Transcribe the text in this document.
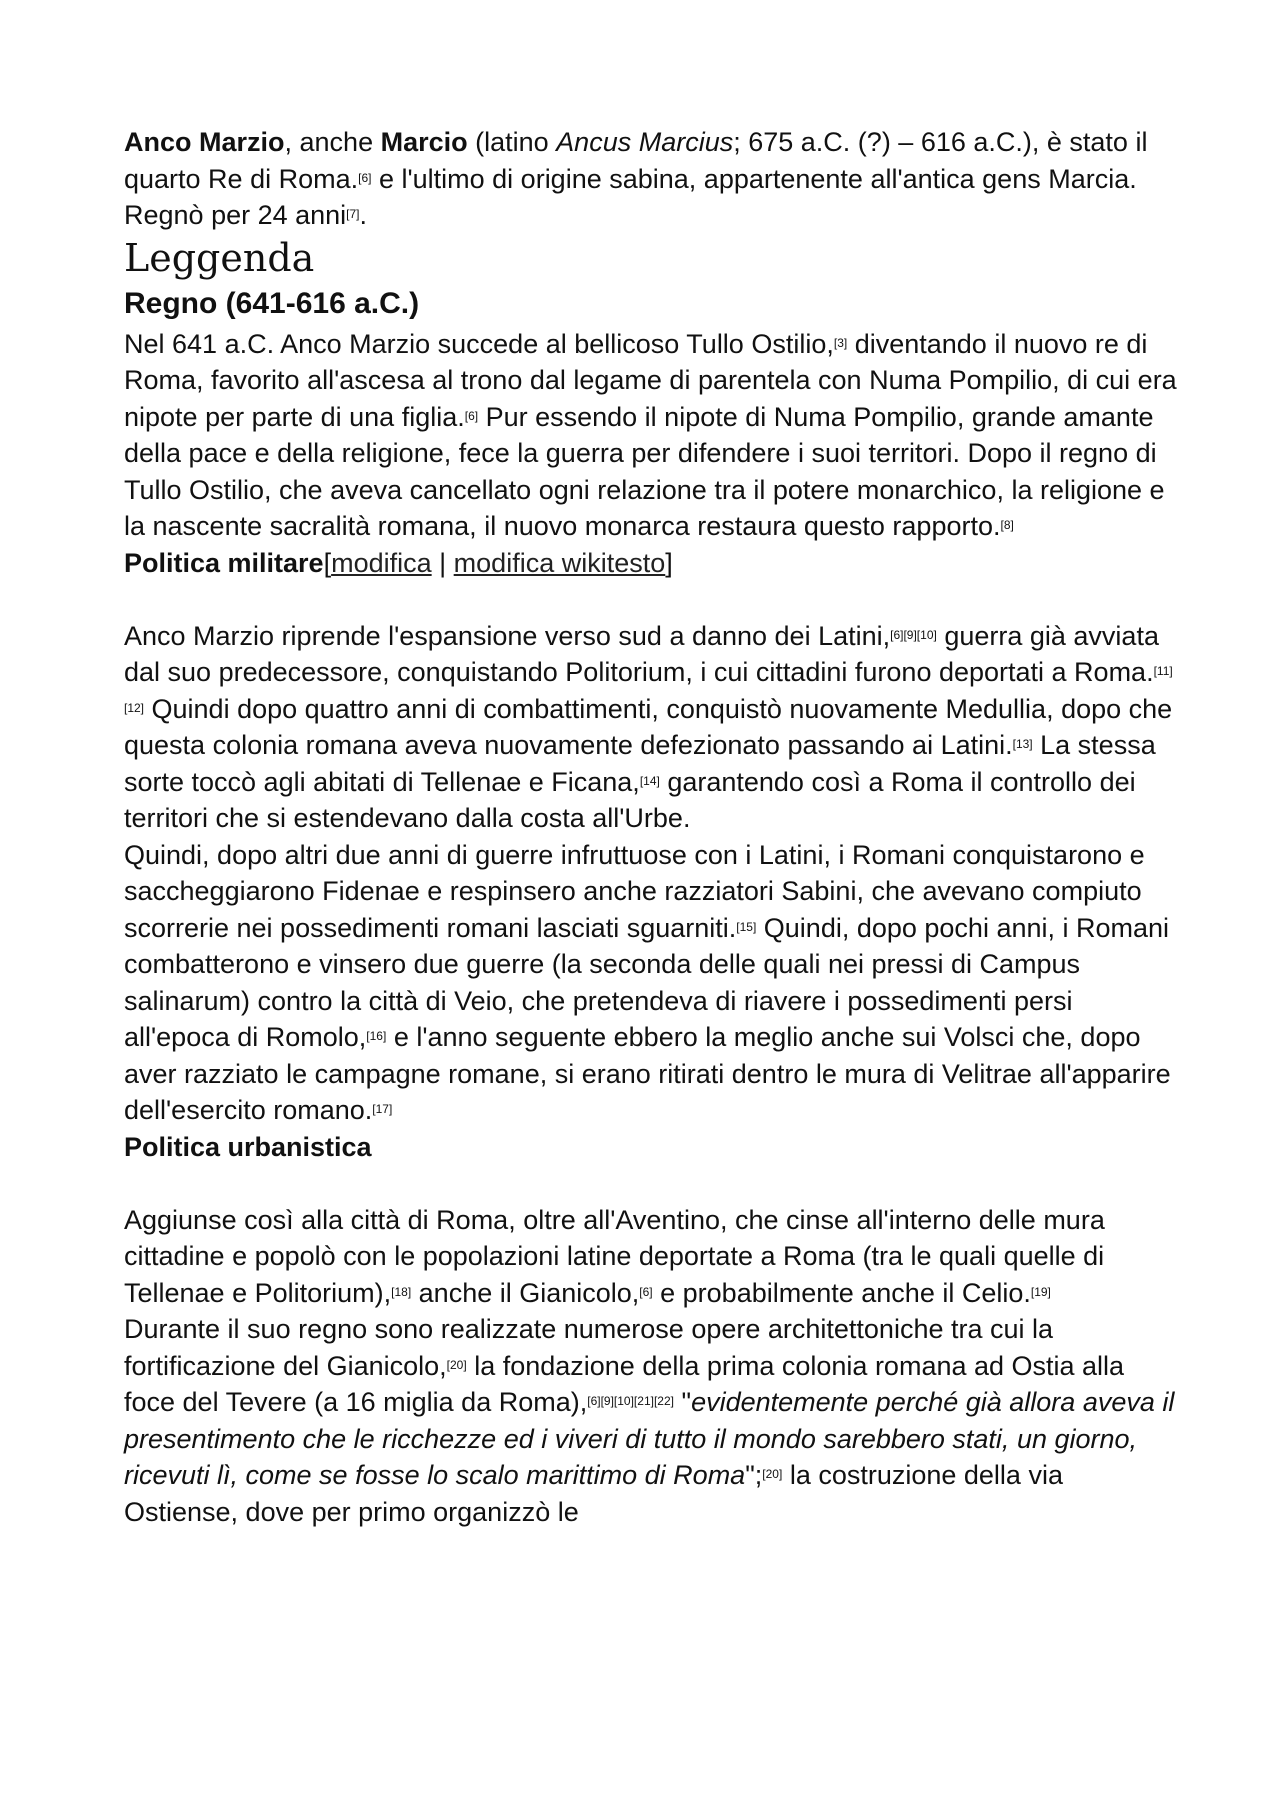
Anco Marzio, anche Marcio (latino Ancus Marcius; 675 a.C. (?) – 616 a.C.), è stato il quarto Re di Roma.[6] e l'ultimo di origine sabina, appartenente all'antica gens Marcia. Regnò per 24 anni[7].

Leggenda
Regno (641-616 a.C.)

Nel 641 a.C. Anco Marzio succede al bellicoso Tullo Ostilio,[3] diventando il nuovo re di Roma, favorito all'ascesa al trono dal legame di parentela con Numa Pompilio, di cui era nipote per parte di una figlia.[6] Pur essendo il nipote di Numa Pompilio, grande amante della pace e della religione, fece la guerra per difendere i suoi territori. Dopo il regno di Tullo Ostilio, che aveva cancellato ogni relazione tra il potere monarchico, la religione e la nascente sacralità romana, il nuovo monarca restaura questo rapporto.[8]

Politica militare[modifica | modifica wikitesto]

Anco Marzio riprende l'espansione verso sud a danno dei Latini,[6][9][10] guerra già avviata dal suo predecessore, conquistando Politorium, i cui cittadini furono deportati a Roma.[11][12] Quindi dopo quattro anni di combattimenti, conquistò nuovamente Medullia, dopo che questa colonia romana aveva nuovamente defezionato passando ai Latini.[13] La stessa sorte toccò agli abitati di Tellenae e Ficana,[14] garantendo così a Roma il controllo dei territori che si estendevano dalla costa all'Urbe.

Quindi, dopo altri due anni di guerre infruttuose con i Latini, i Romani conquistarono e saccheggiarono Fidenae e respinsero anche razziatori Sabini, che avevano compiuto scorrerie nei possedimenti romani lasciati sguarniti.[15] Quindi, dopo pochi anni, i Romani combatterono e vinsero due guerre (la seconda delle quali nei pressi di Campus salinarum) contro la città di Veio, che pretendeva di riavere i possedimenti persi all'epoca di Romolo,[16] e l'anno seguente ebbero la meglio anche sui Volsci che, dopo aver razziato le campagne romane, si erano ritirati dentro le mura di Velitrae all'apparire dell'esercito romano.[17]

Politica urbanistica

Aggiunse così alla città di Roma, oltre all'Aventino, che cinse all'interno delle mura cittadine e popolò con le popolazioni latine deportate a Roma (tra le quali quelle di Tellenae e Politorium),[18] anche il Gianicolo,[6] e probabilmente anche il Celio.[19]

Durante il suo regno sono realizzate numerose opere architettoniche tra cui la fortificazione del Gianicolo,[20] la fondazione della prima colonia romana ad Ostia alla foce del Tevere (a 16 miglia da Roma),[6][9][10][21][22] "evidentemente perché già allora aveva il presentimento che le ricchezze ed i viveri di tutto il mondo sarebbero stati, un giorno, ricevuti lì, come se fosse lo scalo marittimo di Roma";[20] la costruzione della via Ostiense, dove per primo organizzò le
